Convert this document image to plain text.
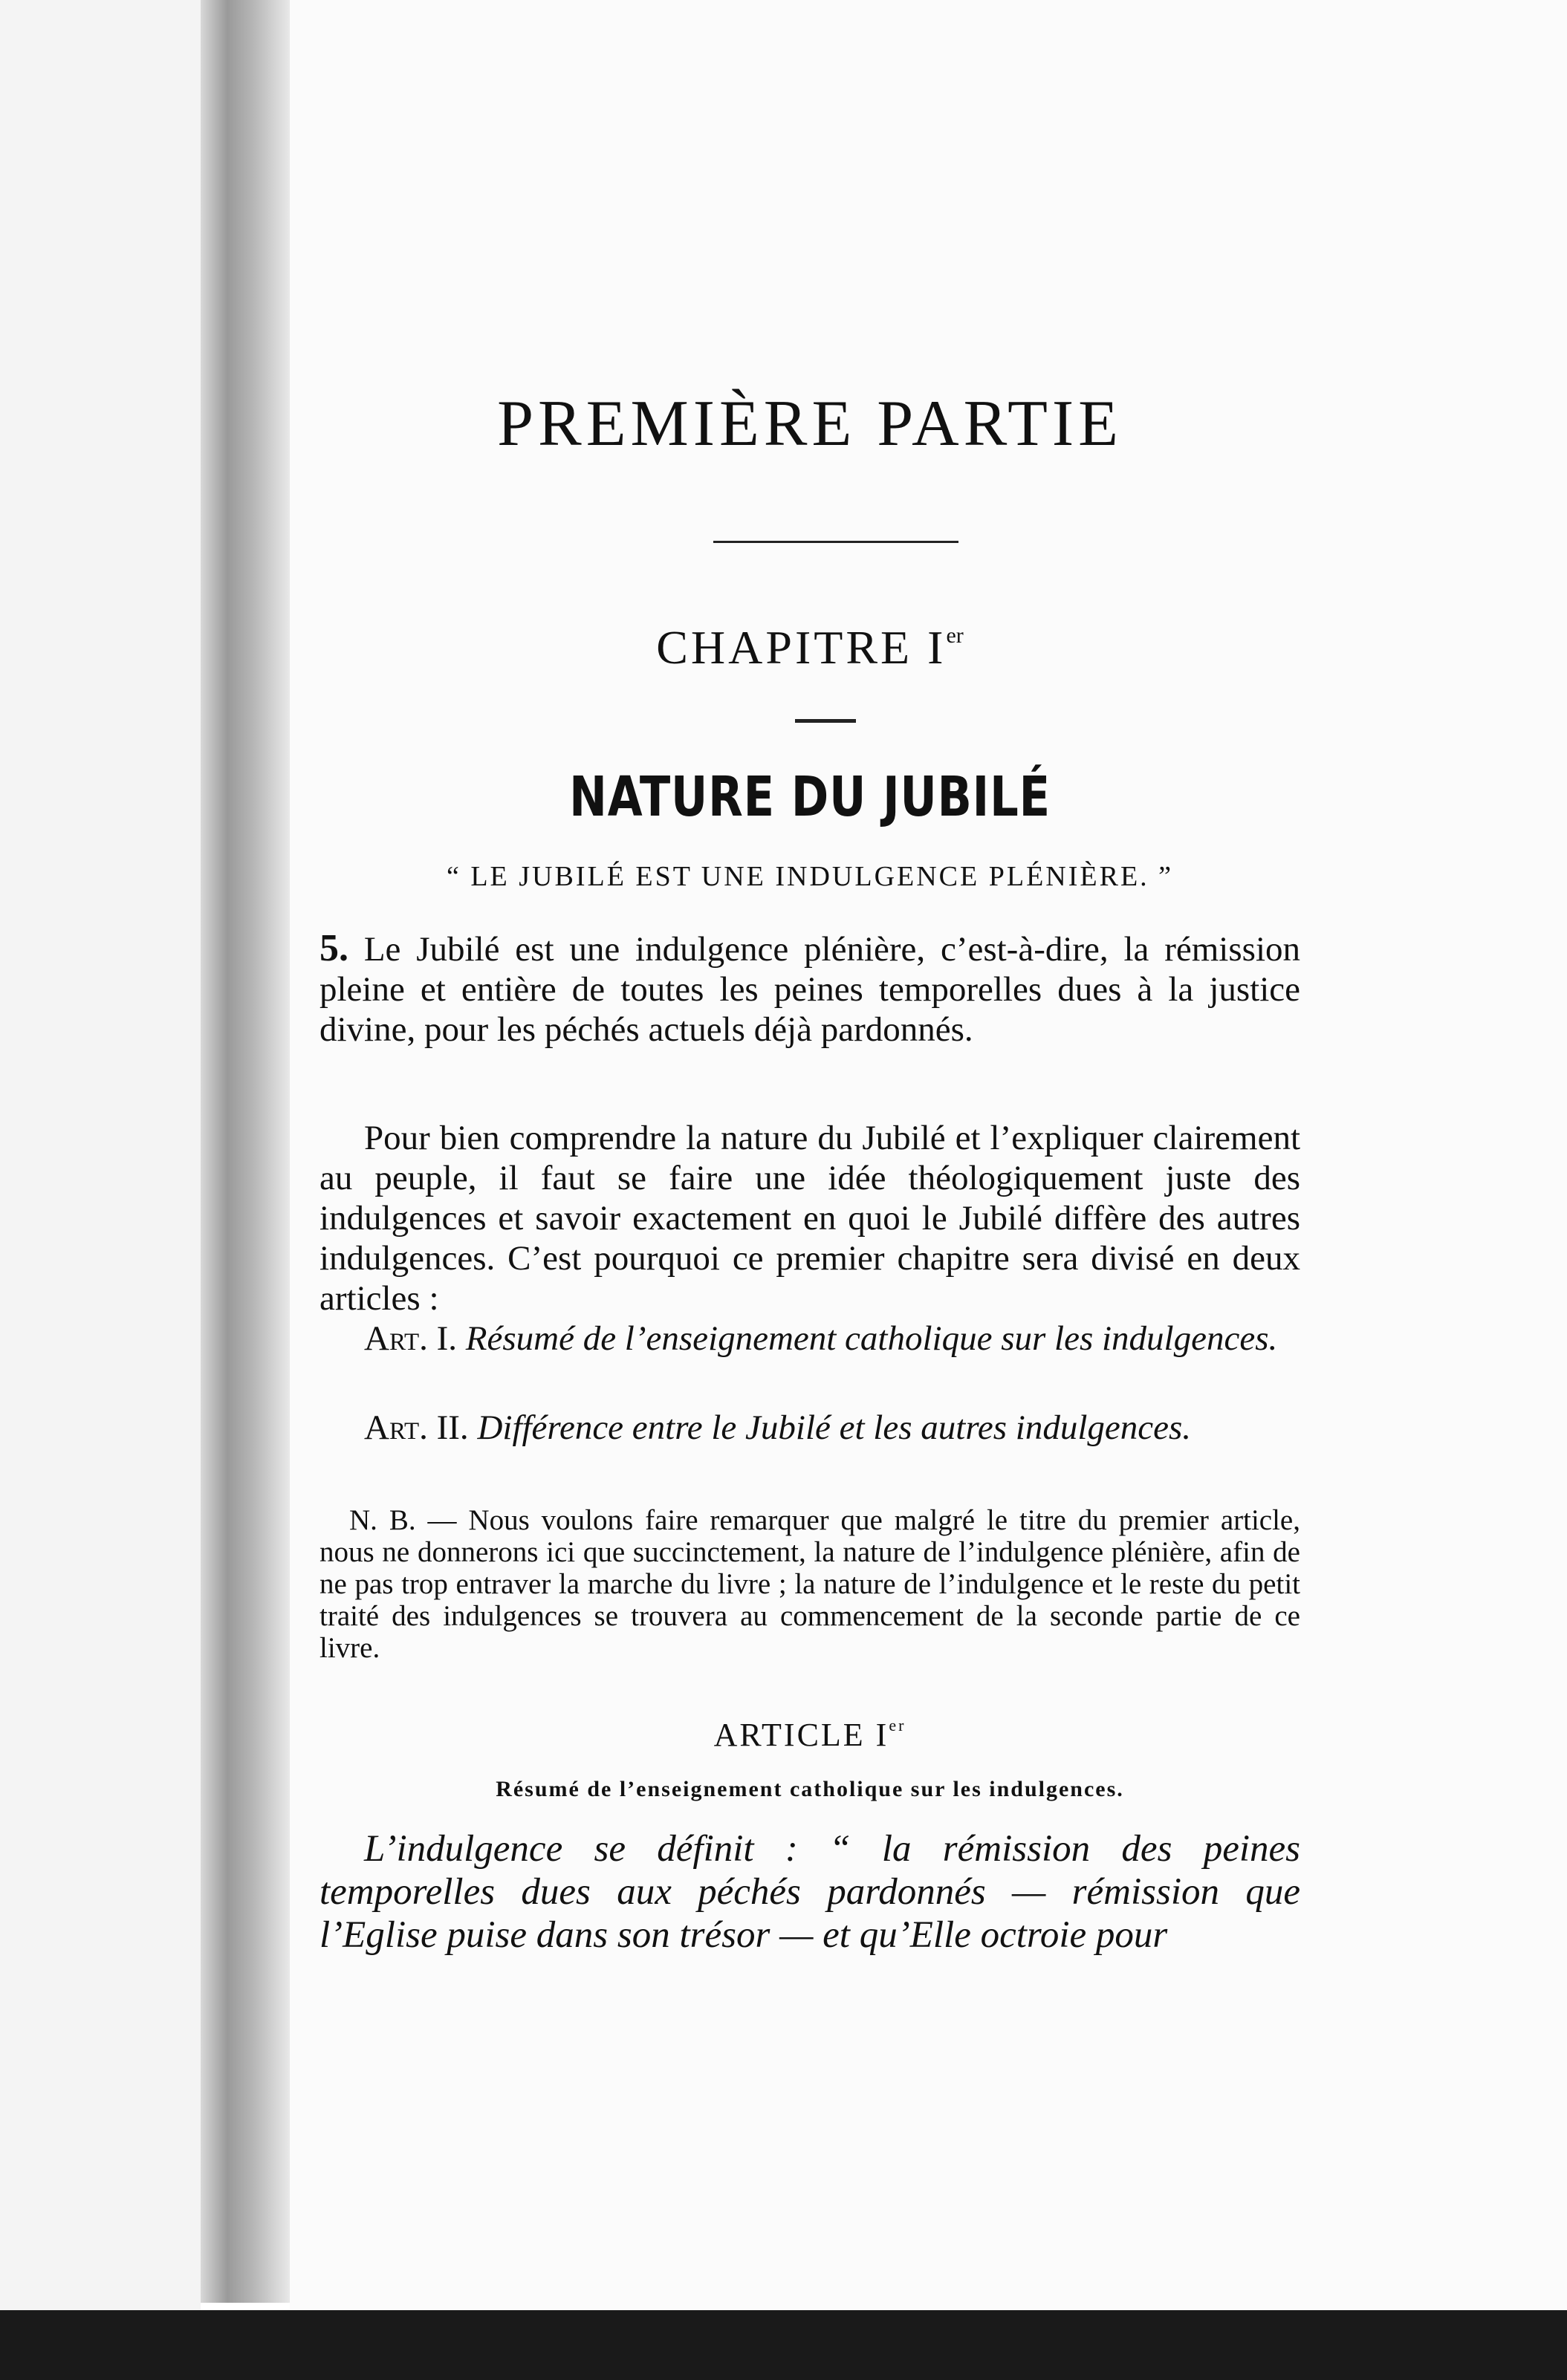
PREMIÈRE PARTIE
CHAPITRE Ier
NATURE DU JUBILÉ

“ LE JUBILÉ EST UNE INDULGENCE PLÉNIÈRE. ”

5. Le Jubilé est une indulgence plénière, c’est-à-dire, la rémission pleine et entière de toutes les peines temporelles dues à la justice divine, pour les péchés actuels déjà pardonnés.

Pour bien comprendre la nature du Jubilé et l’expliquer clairement au peuple, il faut se faire une idée théologiquement juste des indulgences et savoir exactement en quoi le Jubilé diffère des autres indulgences. C’est pourquoi ce premier chapitre sera divisé en deux articles :

Art. I. Résumé de l’enseignement catholique sur les indulgences.

Art. II. Différence entre le Jubilé et les autres indulgences.

N. B. — Nous voulons faire remarquer que malgré le titre du premier article, nous ne donnerons ici que succinctement, la nature de l’indulgence plénière, afin de ne pas trop entraver la marche du livre ; la nature de l’indulgence et le reste du petit traité des indulgences se trouvera au commencement de la seconde partie de ce livre.

ARTICLE Ier

Résumé de l’enseignement catholique sur les indulgences.

L’indulgence se définit : “ la rémission des peines temporelles dues aux péchés pardonnés — rémission que l’Eglise puise dans son trésor — et qu’Elle octroie pour
